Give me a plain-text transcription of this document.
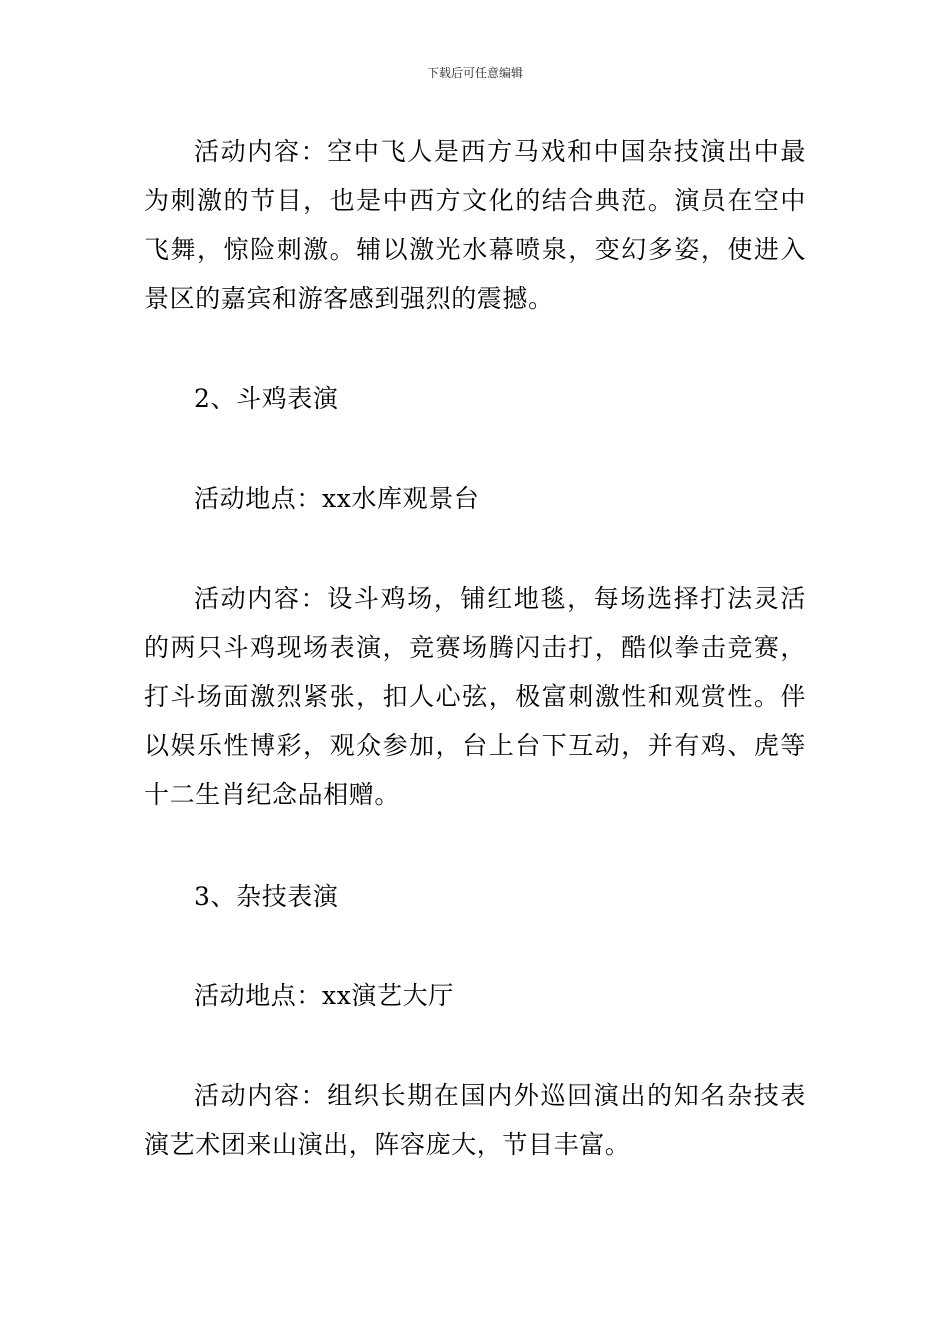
下载后可任意编辑

活动内容：空中飞人是西方马戏和中国杂技演出中最为刺激的节目，也是中西方文化的结合典范。演员在空中飞舞，惊险刺激。辅以激光水幕喷泉，变幻多姿，使进入景区的嘉宾和游客感到强烈的震撼。

2、斗鸡表演

活动地点：xx水库观景台

活动内容：设斗鸡场，铺红地毯，每场选择打法灵活的两只斗鸡现场表演，竞赛场腾闪击打，酷似拳击竞赛，打斗场面激烈紧张，扣人心弦，极富刺激性和观赏性。伴以娱乐性博彩，观众参加，台上台下互动，并有鸡、虎等十二生肖纪念品相赠。

3、杂技表演

活动地点：xx演艺大厅

活动内容：组织长期在国内外巡回演出的知名杂技表演艺术团来山演出，阵容庞大，节目丰富。
